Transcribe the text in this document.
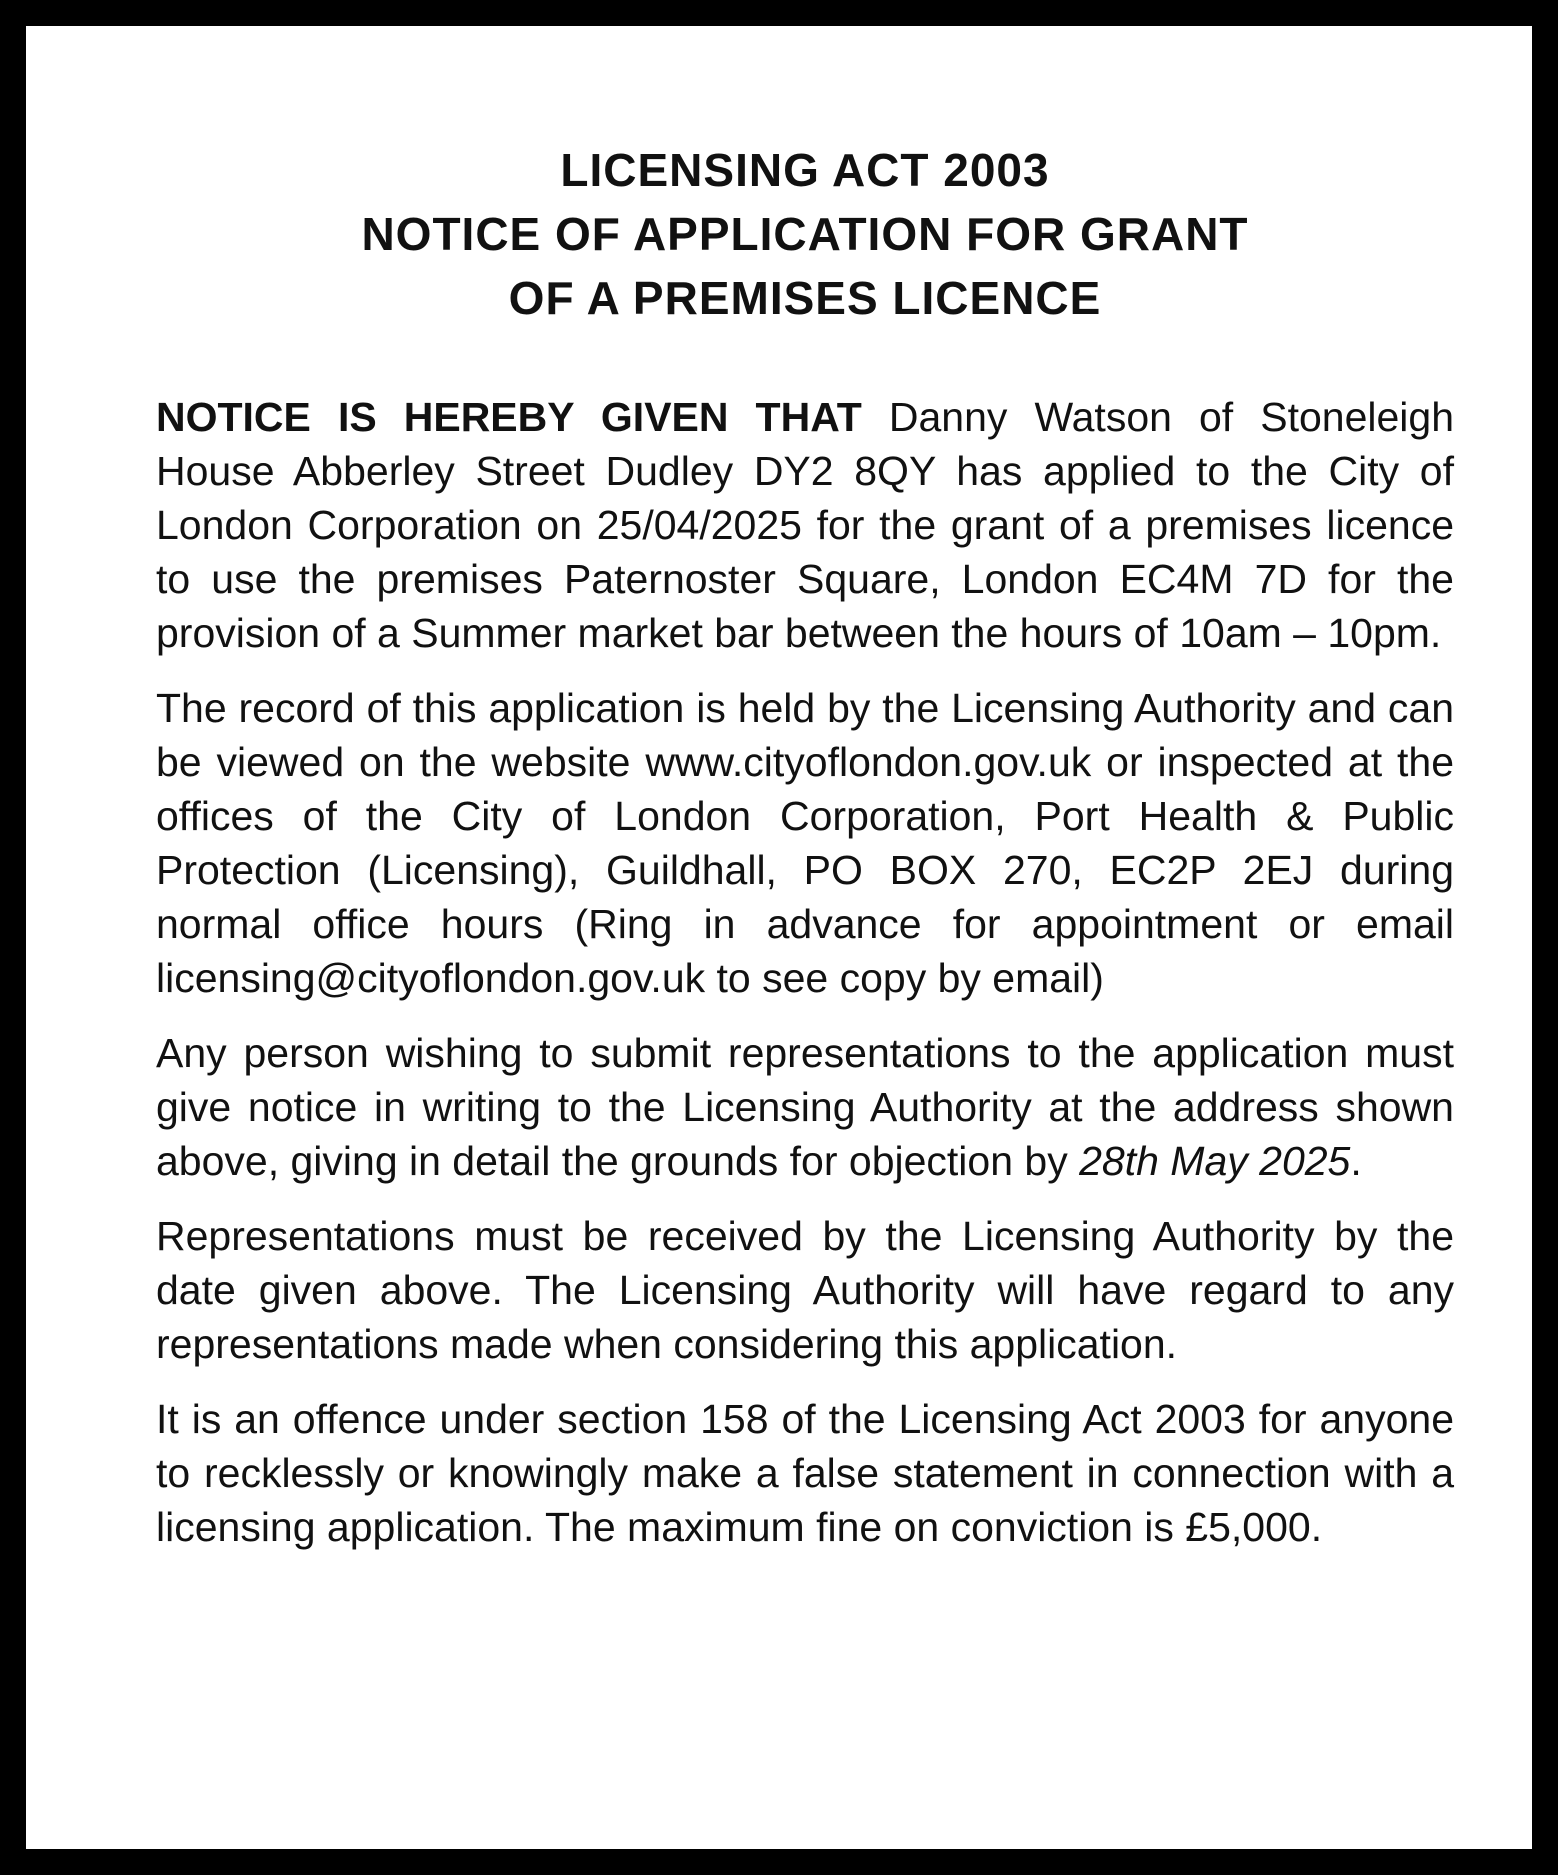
LICENSING ACT 2003
NOTICE OF APPLICATION FOR GRANT
OF A PREMISES LICENCE

NOTICE IS HEREBY GIVEN THAT Danny Watson of Stoneleigh House Abberley Street Dudley DY2 8QY has applied to the City of London Corporation on 25/04/2025 for the grant of a premises licence to use the premises Paternoster Square, London EC4M 7D for the provision of a Summer market bar between the hours of 10am – 10pm.

The record of this application is held by the Licensing Authority and can be viewed on the website www.cityoflondon.gov.uk or inspected at the offices of the City of London Corporation, Port Health & Public Protection (Licensing), Guildhall, PO BOX 270, EC2P 2EJ during normal office hours (Ring in advance for appointment or email licensing@cityoflondon.gov.uk to see copy by email)

Any person wishing to submit representations to the application must give notice in writing to the Licensing Authority at the address shown above, giving in detail the grounds for objection by 28th May 2025.

Representations must be received by the Licensing Authority by the date given above. The Licensing Authority will have regard to any representations made when considering this application.

It is an offence under section 158 of the Licensing Act 2003 for anyone to recklessly or knowingly make a false statement in connection with a licensing application. The maximum fine on conviction is £5,000.
